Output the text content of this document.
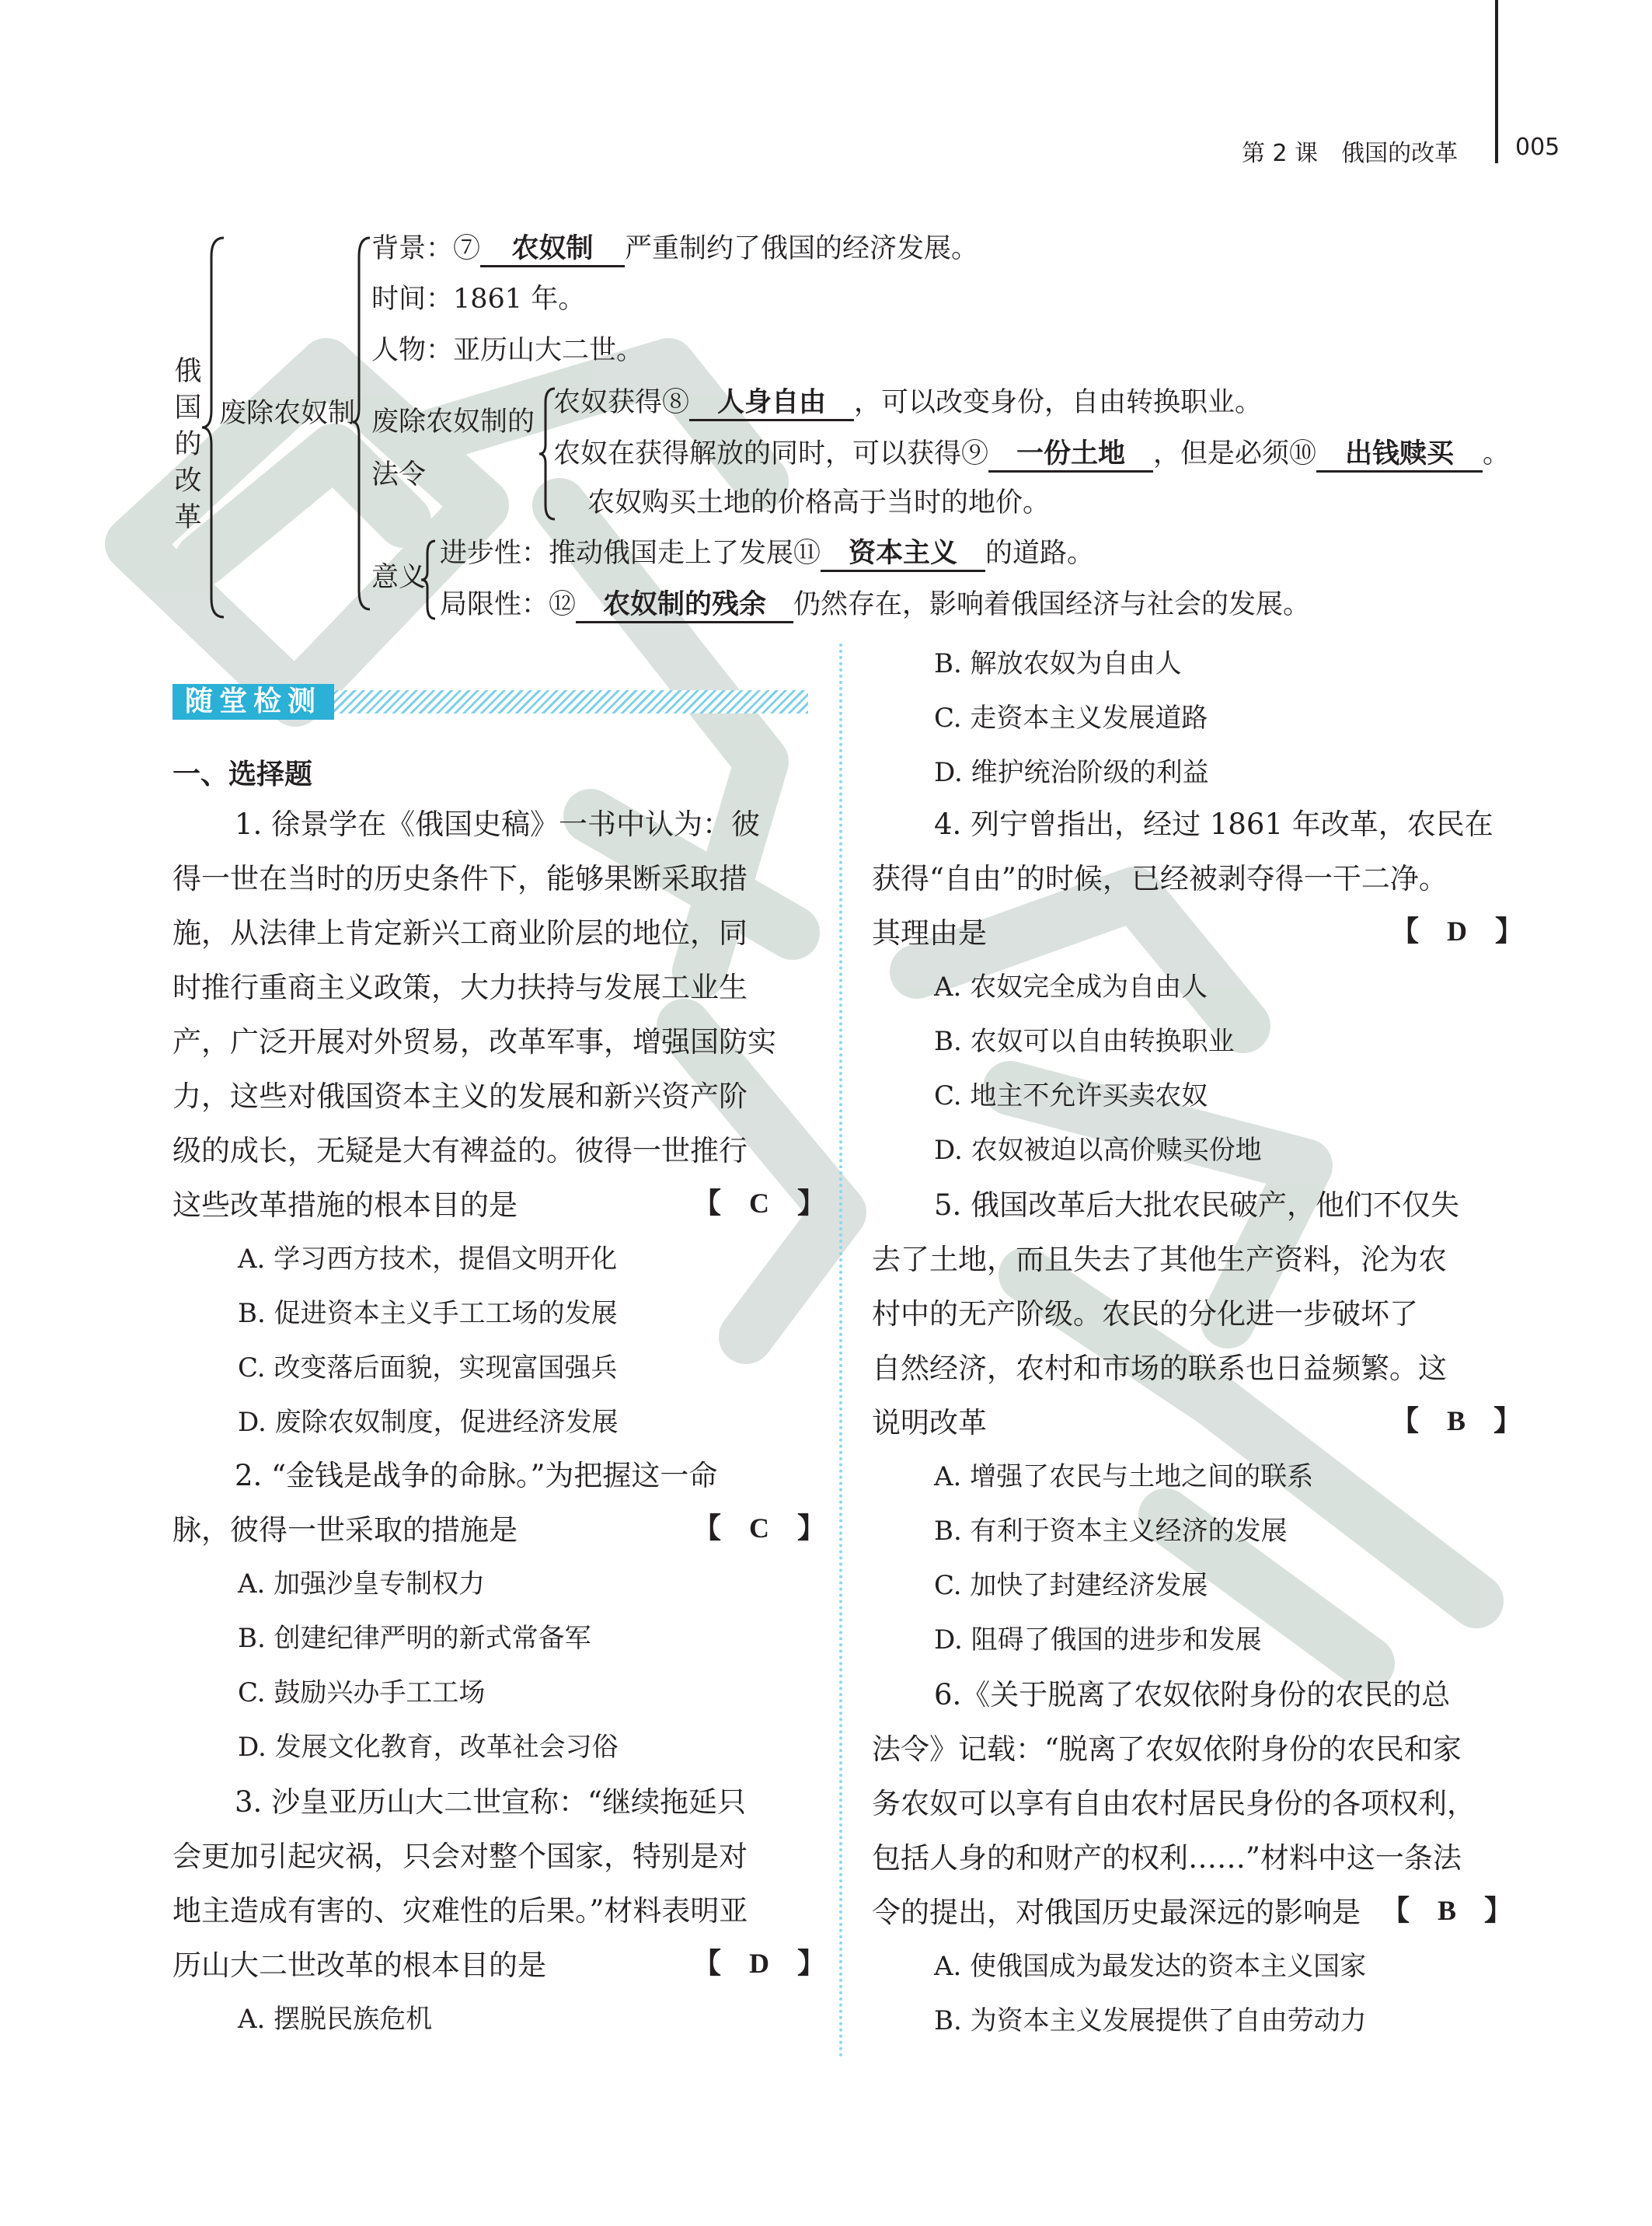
第 2 课　俄国的改革 005
俄
国
的
改
革
废除农奴制
背景：⑦ 农奴制 严重制约了俄国的经济发展。
时间：1861 年。
人物：亚历山大二世。
废除农奴制的
法令
农奴获得⑧ 人身自由 ，可以改变身份，自由转换职业。
农奴在获得解放的同时，可以获得⑨ 一份土地 ，但是必须⑩ 出钱赎买 。
农奴购买土地的价格高于当时的地价。
意义
进步性：推动俄国走上了发展⑪ 资本主义 的道路。
局限性：⑫ 农奴制的残余 仍然存在，影响着俄国经济与社会的发展。
随堂检测
一、选择题
1. 徐景学在《俄国史稿》一书中认为：彼
得一世在当时的历史条件下，能够果断采取措
施，从法律上肯定新兴工商业阶层的地位，同
时推行重商主义政策，大力扶持与发展工业生
产，广泛开展对外贸易，改革军事，增强国防实
力，这些对俄国资本主义的发展和新兴资产阶
级的成长，无疑是大有裨益的。彼得一世推行
这些改革措施的根本目的是	【　C　】
A. 学习西方技术，提倡文明开化
B. 促进资本主义手工工场的发展
C. 改变落后面貌，实现富国强兵
D. 废除农奴制度，促进经济发展
2. “金钱是战争的命脉。”为把握这一命
脉，彼得一世采取的措施是	【　C　】
A. 加强沙皇专制权力
B. 创建纪律严明的新式常备军
C. 鼓励兴办手工工场
D. 发展文化教育，改革社会习俗
3. 沙皇亚历山大二世宣称：“继续拖延只
会更加引起灾祸，只会对整个国家，特别是对
地主造成有害的、灾难性的后果。”材料表明亚
历山大二世改革的根本目的是	【　D　】
A. 摆脱民族危机
B. 解放农奴为自由人
C. 走资本主义发展道路
D. 维护统治阶级的利益
4. 列宁曾指出，经过 1861 年改革，农民在
获得“自由”的时候，已经被剥夺得一干二净。
其理由是	【　D　】
A. 农奴完全成为自由人
B. 农奴可以自由转换职业
C. 地主不允许买卖农奴
D. 农奴被迫以高价赎买份地
5. 俄国改革后大批农民破产，他们不仅失
去了土地，而且失去了其他生产资料，沦为农
村中的无产阶级。农民的分化进一步破坏了
自然经济，农村和市场的联系也日益频繁。这
说明改革	【　B　】
A. 增强了农民与土地之间的联系
B. 有利于资本主义经济的发展
C. 加快了封建经济发展
D. 阻碍了俄国的进步和发展
6.《关于脱离了农奴依附身份的农民的总
法令》记载：“脱离了农奴依附身份的农民和家
务农奴可以享有自由农村居民身份的各项权利，
包括人身的和财产的权利……”材料中这一条法
令的提出，对俄国历史最深远的影响是 【　B　】
A. 使俄国成为最发达的资本主义国家
B. 为资本主义发展提供了自由劳动力
